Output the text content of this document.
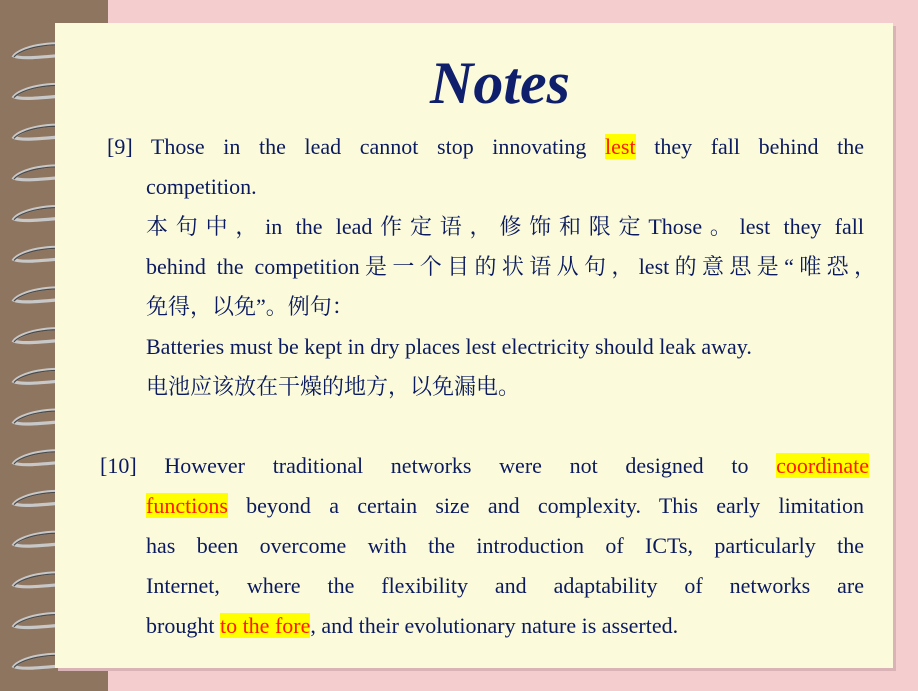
Notes
[9] Those in the lead cannot stop innovating lest they fall behind the
competition.
本句中，in the lead作定语，修饰和限定Those。lest they fall
behind the competition是一个目的状语从句，lest的意思是“唯恐，
免得，以免”。例句：
Batteries must be kept in dry places lest electricity should leak away.
电池应该放在干燥的地方，以免漏电。
[10] However traditional networks were not designed to coordinate
functions beyond a certain size and complexity. This early limitation
has been overcome with the introduction of ICTs, particularly the
Internet, where the flexibility and adaptability of networks are
brought to the fore, and their evolutionary nature is asserted.
